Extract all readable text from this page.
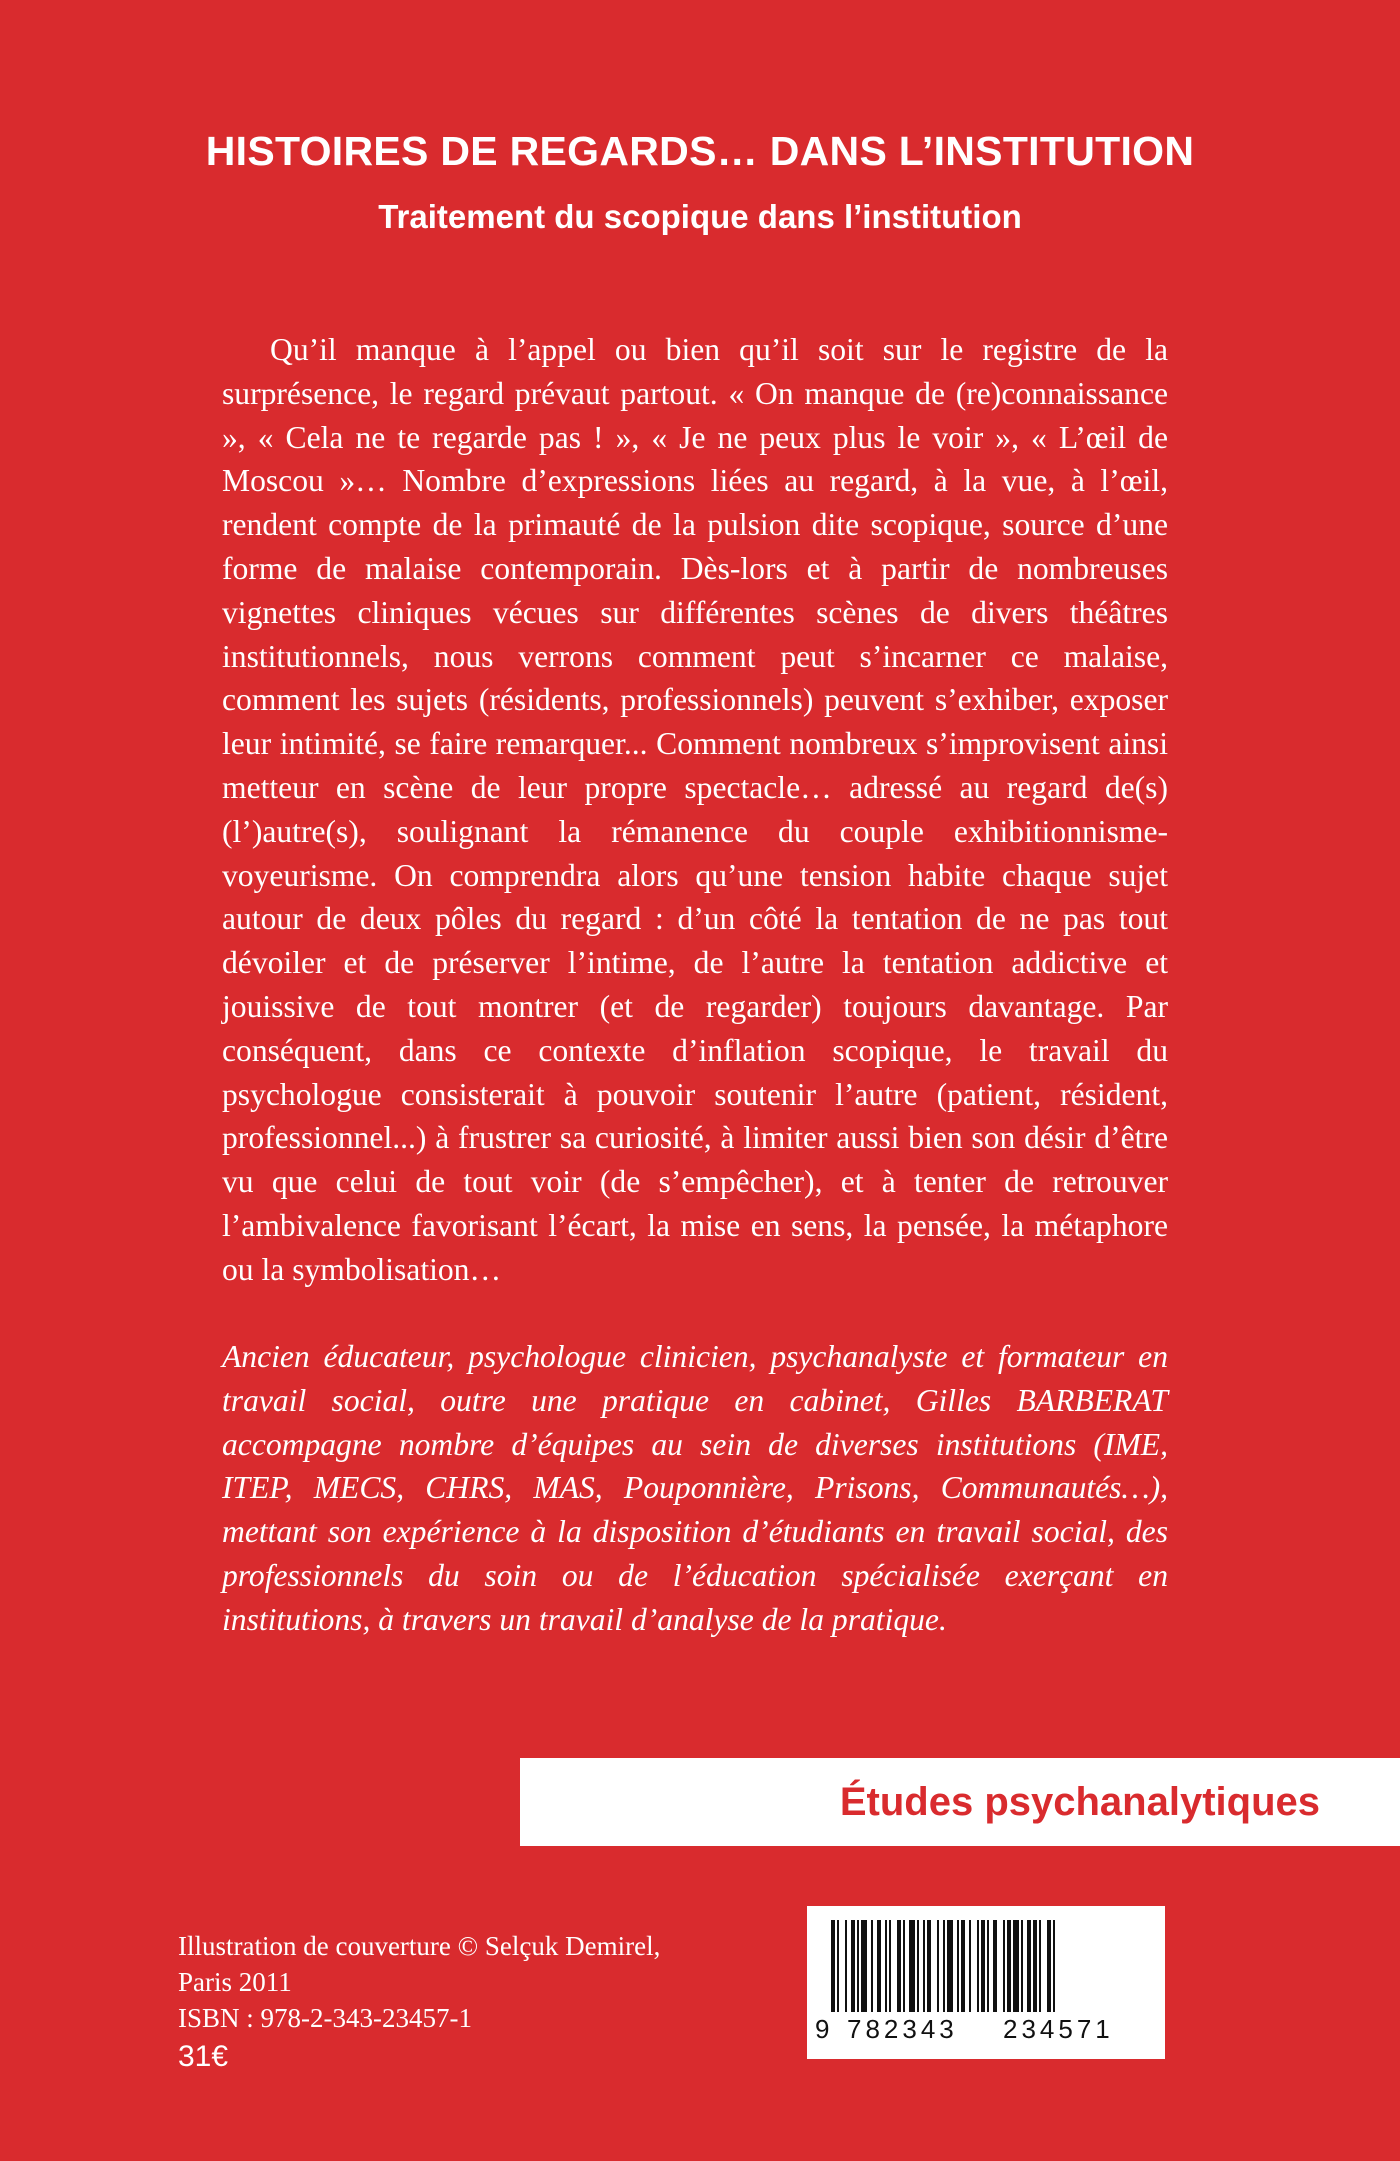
HISTOIRES DE REGARDS… DANS L’INSTITUTION
Traitement du scopique dans l’institution

Qu’il manque à l’appel ou bien qu’il soit sur le registre de la surprésence, le regard prévaut partout. « On manque de (re)connaissance », « Cela ne te regarde pas ! », « Je ne peux plus le voir », « L’œil de Moscou »… Nombre d’expressions liées au regard, à la vue, à l’œil, rendent compte de la primauté de la pulsion dite scopique, source d’une forme de malaise contemporain. Dès-lors et à partir de nombreuses vignettes cliniques vécues sur différentes scènes de divers théâtres institutionnels, nous verrons comment peut s’incarner ce malaise, comment les sujets (résidents, professionnels) peuvent s’exhiber, exposer leur intimité, se faire remarquer... Comment nombreux s’improvisent ainsi metteur en scène de leur propre spectacle… adressé au regard de(s) (l’)autre(s), soulignant la rémanence du couple exhibitionnisme-voyeurisme. On comprendra alors qu’une tension habite chaque sujet autour de deux pôles du regard : d’un côté la tentation de ne pas tout dévoiler et de préserver l’intime, de l’autre la tentation addictive et jouissive de tout montrer (et de regarder) toujours davantage. Par conséquent, dans ce contexte d’inflation scopique, le travail du psychologue consisterait à pouvoir soutenir l’autre (patient, résident, professionnel...) à frustrer sa curiosité, à limiter aussi bien son désir d’être vu que celui de tout voir (de s’empêcher), et à tenter de retrouver l’ambivalence favorisant l’écart, la mise en sens, la pensée, la métaphore ou la symbolisation…

Ancien éducateur, psychologue clinicien, psychanalyste et formateur en travail social, outre une pratique en cabinet, Gilles BARBERAT accompagne nombre d’équipes au sein de diverses institutions (IME, ITEP, MECS, CHRS, MAS, Pouponnière, Prisons, Communautés…), mettant son expérience à la disposition d’étudiants en travail social, des professionnels du soin ou de l’éducation spécialisée exerçant en institutions, à travers un travail d’analyse de la pratique.

Études psychanalytiques
Illustration de couverture © Selçuk Demirel,
Paris 2011
ISBN : 978-2-343-23457-1
31€
9 782343 234571
